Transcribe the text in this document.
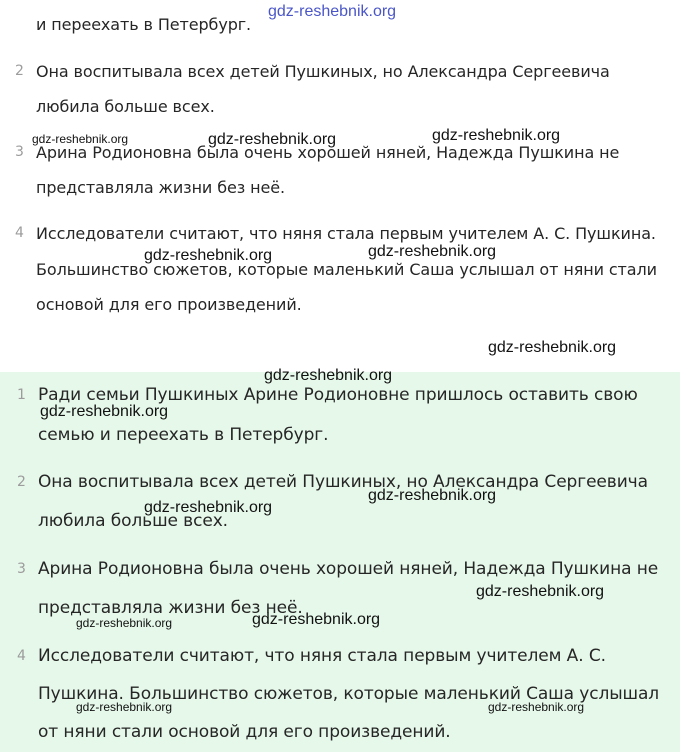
и переехать в Петербург.
2 Она воспитывала всех детей Пушкиных, но Александра Сергеевича
любила больше всех.
3 Арина Родионовна была очень хорошей няней, Надежда Пушкина не
представляла жизни без неё.
4 Исследователи считают, что няня стала первым учителем А. С. Пушкина.
Большинство сюжетов, которые маленький Саша услышал от няни стали
основой для его произведений.
1 Ради семьи Пушкиных Арине Родионовне пришлось оставить свою
семью и переехать в Петербург.
2 Она воспитывала всех детей Пушкиных, но Александра Сергеевича
любила больше всех.
3 Арина Родионовна была очень хорошей няней, Надежда Пушкина не
представляла жизни без неё.
4 Исследователи считают, что няня стала первым учителем А. С.
Пушкина. Большинство сюжетов, которые маленький Саша услышал
от няни стали основой для его произведений.
gdz-reshebnik.org
gdz-reshebnik.org	gdz-reshebnik.org	gdz-reshebnik.org
gdz-reshebnik.org	gdz-reshebnik.org
gdz-reshebnik.org
gdz-reshebnik.org
gdz-reshebnik.org
gdz-reshebnik.org
gdz-reshebnik.org
gdz-reshebnik.org
gdz-reshebnik.org
gdz-reshebnik.org
gdz-reshebnik.org	gdz-reshebnik.org
